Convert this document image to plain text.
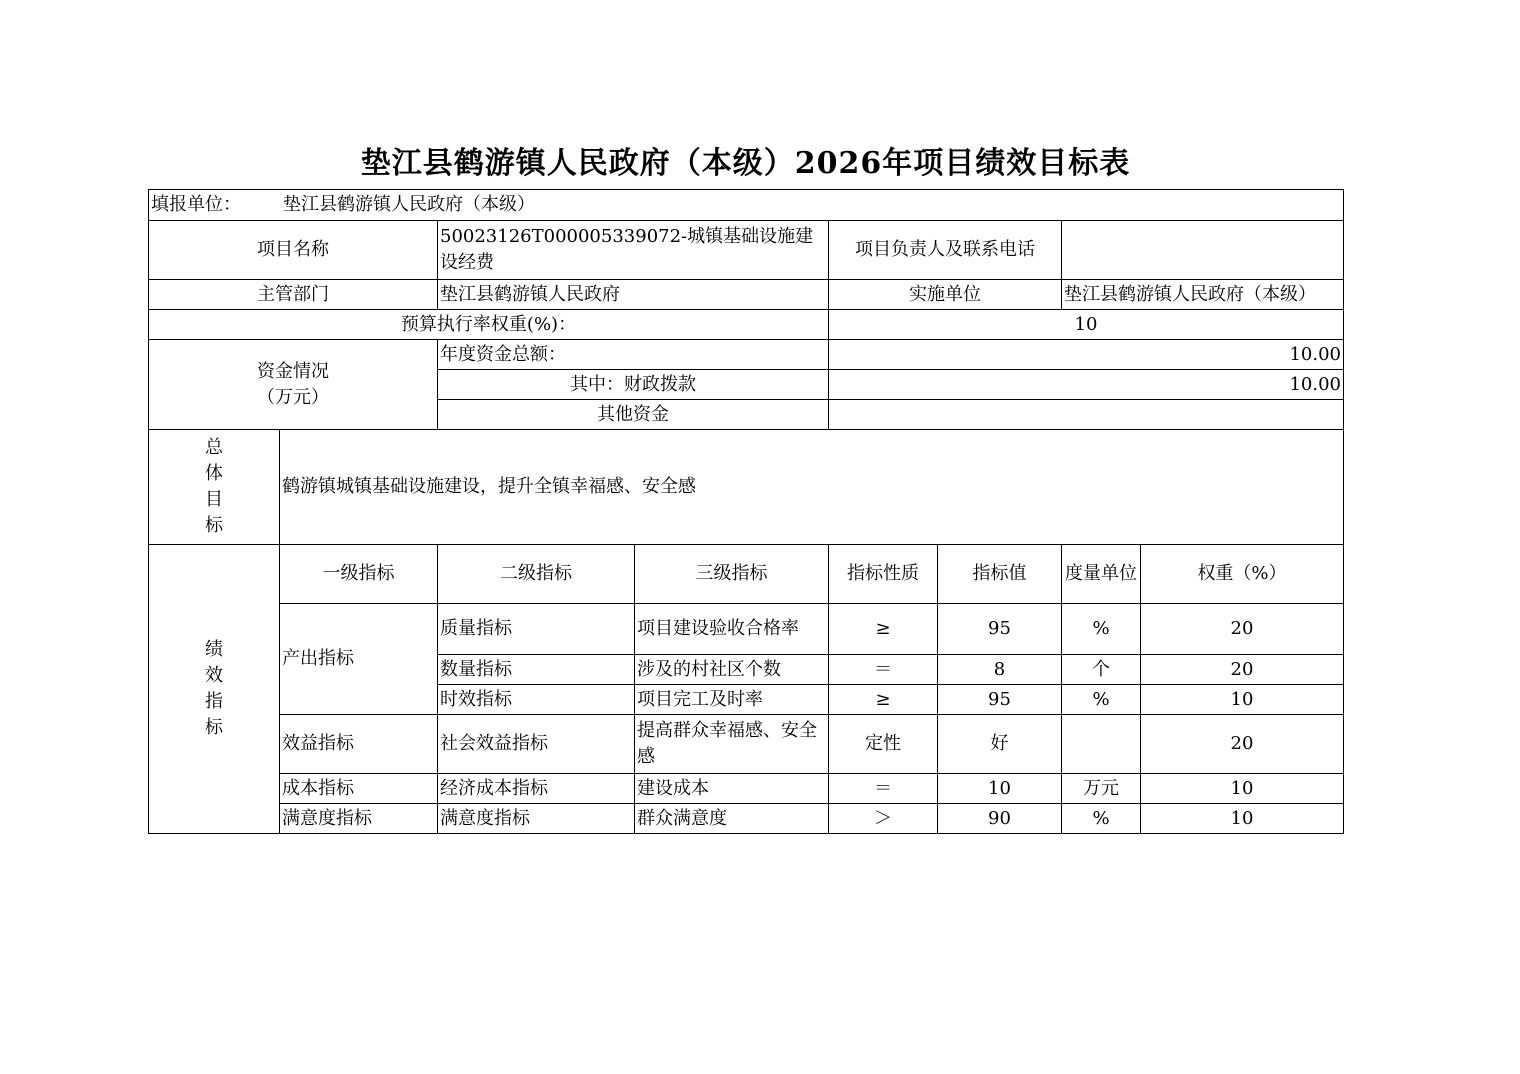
垫江县鹤游镇人民政府（本级）2026年项目绩效目标表
填报单位： 垫江县鹤游镇人民政府（本级）							
项目名称		50023126T000005339072-城镇基础设施建设经费		项目负责人及联系电话			
主管部门		垫江县鹤游镇人民政府		实施单位		垫江县鹤游镇人民政府（本级）	
预算执行率权重(%)：				10			

资金情况
（万元）		年度资金总额：		10.00			
		其中：财政拨款		10.00			
		其他资金					

总
体
目
标	鹤游镇城镇基础设施建设，提升全镇幸福感、安全感						

绩
效
指
标	一级指标	二级指标	三级指标	指标性质	指标值	度量单位	权重（%）
	产出指标	质量指标	项目建设验收合格率	≥	95	%	20
		数量指标	涉及的村社区个数	＝	8	个	20
		时效指标	项目完工及时率	≥	95	%	10
	效益指标	社会效益指标	提高群众幸福感、安全感	定性	好		20
	成本指标	经济成本指标	建设成本	＝	10	万元	10
	满意度指标	满意度指标	群众满意度	＞	90	%	10
